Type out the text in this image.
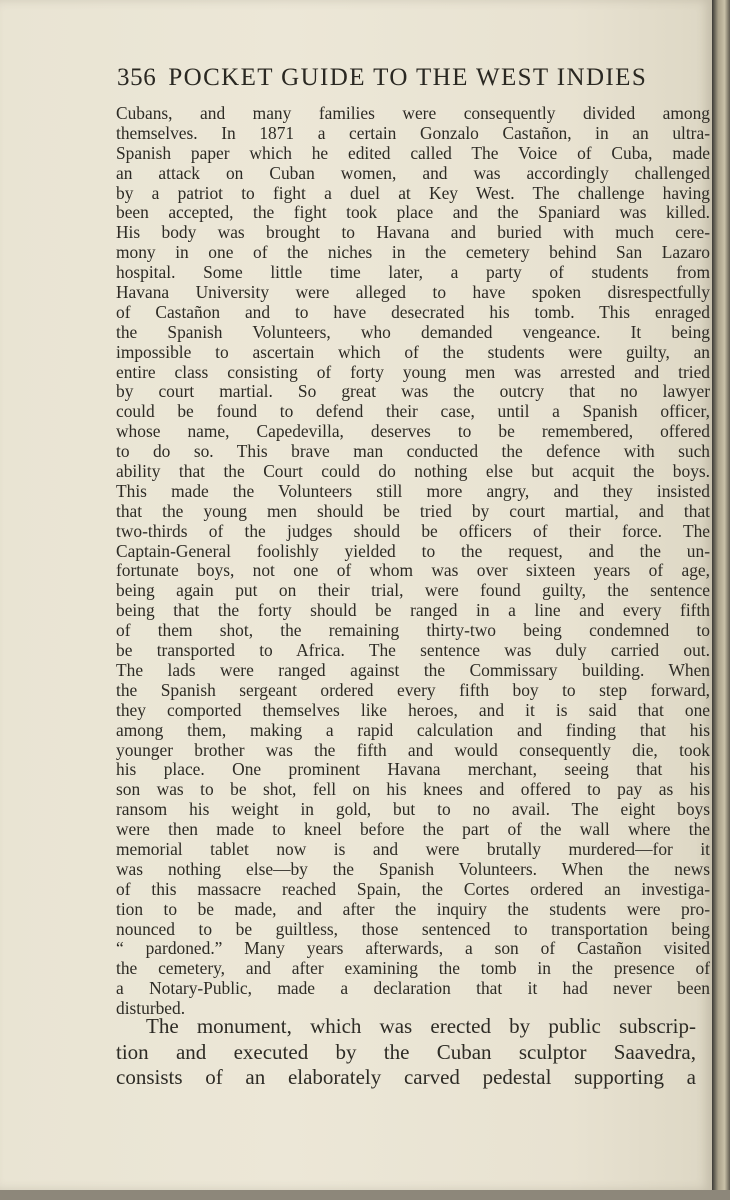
356 POCKET GUIDE TO THE WEST INDIES
Cubans, and many families were consequently divided among
themselves. In 1871 a certain Gonzalo Castañon, in an ultra-
Spanish paper which he edited called The Voice of Cuba, made
an attack on Cuban women, and was accordingly challenged
by a patriot to fight a duel at Key West. The challenge having
been accepted, the fight took place and the Spaniard was killed.
His body was brought to Havana and buried with much cere-
mony in one of the niches in the cemetery behind San Lazaro
hospital. Some little time later, a party of students from
Havana University were alleged to have spoken disrespectfully
of Castañon and to have desecrated his tomb. This enraged
the Spanish Volunteers, who demanded vengeance. It being
impossible to ascertain which of the students were guilty, an
entire class consisting of forty young men was arrested and tried
by court martial. So great was the outcry that no lawyer
could be found to defend their case, until a Spanish officer,
whose name, Capedevilla, deserves to be remembered, offered
to do so. This brave man conducted the defence with such
ability that the Court could do nothing else but acquit the boys.
This made the Volunteers still more angry, and they insisted
that the young men should be tried by court martial, and that
two-thirds of the judges should be officers of their force. The
Captain-General foolishly yielded to the request, and the un-
fortunate boys, not one of whom was over sixteen years of age,
being again put on their trial, were found guilty, the sentence
being that the forty should be ranged in a line and every fifth
of them shot, the remaining thirty-two being condemned to
be transported to Africa. The sentence was duly carried out.
The lads were ranged against the Commissary building. When
the Spanish sergeant ordered every fifth boy to step forward,
they comported themselves like heroes, and it is said that one
among them, making a rapid calculation and finding that his
younger brother was the fifth and would consequently die, took
his place. One prominent Havana merchant, seeing that his
son was to be shot, fell on his knees and offered to pay as his
ransom his weight in gold, but to no avail. The eight boys
were then made to kneel before the part of the wall where the
memorial tablet now is and were brutally murdered—for it
was nothing else—by the Spanish Volunteers. When the news
of this massacre reached Spain, the Cortes ordered an investiga-
tion to be made, and after the inquiry the students were pro-
nounced to be guiltless, those sentenced to transportation being
“ pardoned.” Many years afterwards, a son of Castañon visited
the cemetery, and after examining the tomb in the presence of
a Notary-Public, made a declaration that it had never been
disturbed.
The monument, which was erected by public subscrip-
tion and executed by the Cuban sculptor Saavedra,
consists of an elaborately carved pedestal supporting a
